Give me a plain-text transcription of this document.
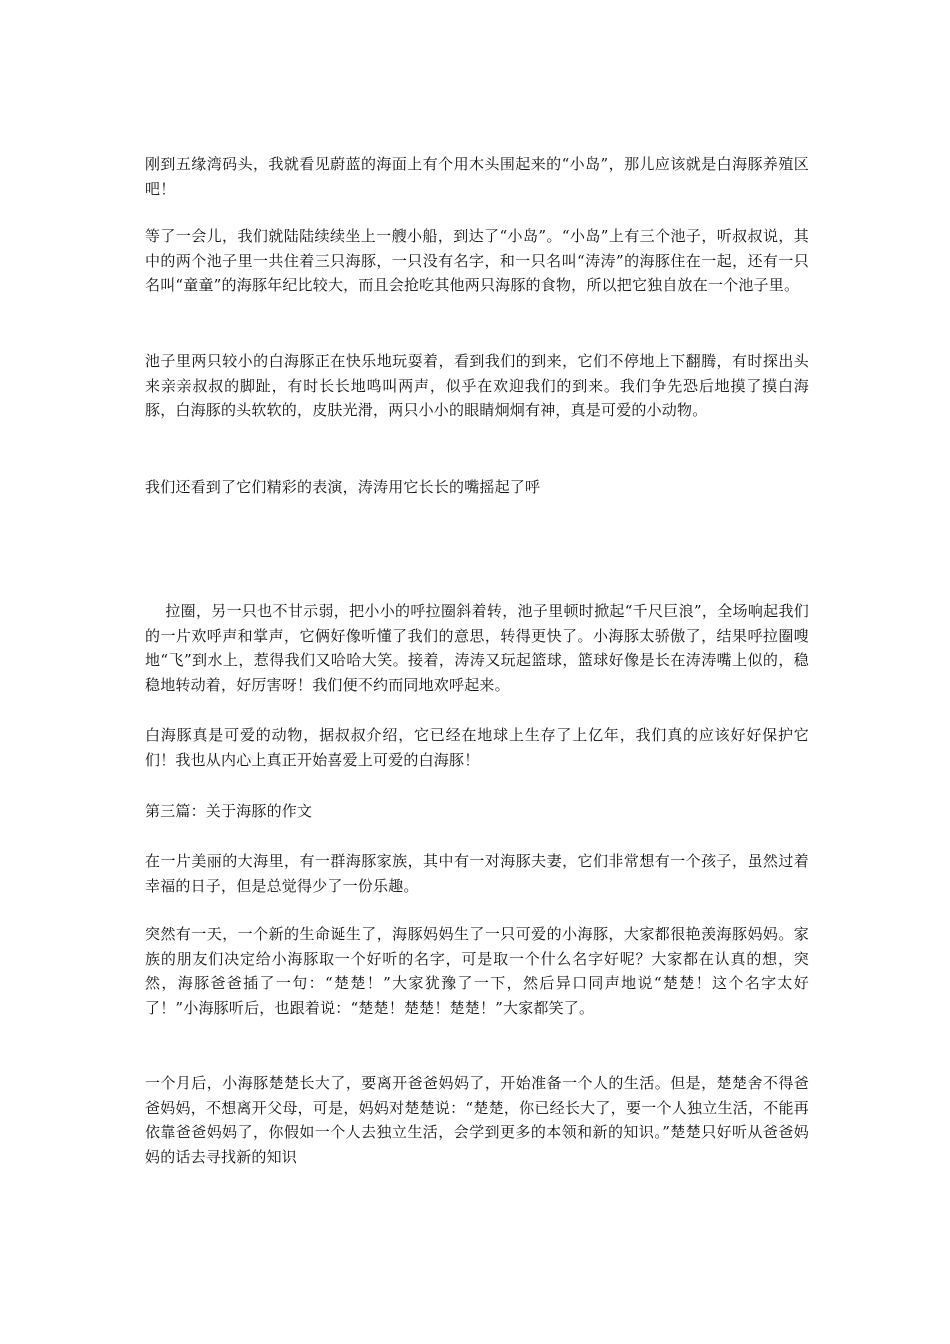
刚到五缘湾码头，我就看见蔚蓝的海面上有个用木头围起来的“小岛”，那儿应该就是白海豚养殖区吧！

等了一会儿，我们就陆陆续续坐上一艘小船，到达了“小岛”。“小岛”上有三个池子，听叔叔说，其中的两个池子里一共住着三只海豚，一只没有名字，和一只名叫“涛涛”的海豚住在一起，还有一只名叫“童童”的海豚年纪比较大，而且会抢吃其他两只海豚的食物，所以把它独自放在一个池子里。

池子里两只较小的白海豚正在快乐地玩耍着，看到我们的到来，它们不停地上下翻腾，有时探出头来亲亲叔叔的脚趾，有时长长地鸣叫两声，似乎在欢迎我们的到来。我们争先恐后地摸了摸白海豚，白海豚的头软软的，皮肤光滑，两只小小的眼睛炯炯有神，真是可爱的小动物。

我们还看到了它们精彩的表演，涛涛用它长长的嘴摇起了呼

拉圈，另一只也不甘示弱，把小小的呼拉圈斜着转，池子里顿时掀起“千尺巨浪”，全场响起我们的一片欢呼声和掌声，它俩好像听懂了我们的意思，转得更快了。小海豚太骄傲了，结果呼拉圈嗖地“飞”到水上，惹得我们又哈哈大笑。接着，涛涛又玩起篮球，篮球好像是长在涛涛嘴上似的，稳稳地转动着，好厉害呀！我们便不约而同地欢呼起来。

白海豚真是可爱的动物，据叔叔介绍，它已经在地球上生存了上亿年，我们真的应该好好保护它们！我也从内心上真正开始喜爱上可爱的白海豚！

第三篇：关于海豚的作文

在一片美丽的大海里，有一群海豚家族，其中有一对海豚夫妻，它们非常想有一个孩子，虽然过着幸福的日子，但是总觉得少了一份乐趣。

突然有一天，一个新的生命诞生了，海豚妈妈生了一只可爱的小海豚，大家都很艳羡海豚妈妈。家族的朋友们决定给小海豚取一个好听的名字，可是取一个什么名字好呢？大家都在认真的想，突然，海豚爸爸插了一句：“楚楚！”大家犹豫了一下，然后异口同声地说“楚楚！这个名字太好了！”小海豚听后，也跟着说：“楚楚！楚楚！楚楚！”大家都笑了。

一个月后，小海豚楚楚长大了，要离开爸爸妈妈了，开始准备一个人的生活。但是，楚楚舍不得爸爸妈妈，不想离开父母，可是，妈妈对楚楚说：“楚楚，你已经长大了，要一个人独立生活，不能再依靠爸爸妈妈了，你假如一个人去独立生活，会学到更多的本领和新的知识。”楚楚只好听从爸爸妈妈的话去寻找新的知识
